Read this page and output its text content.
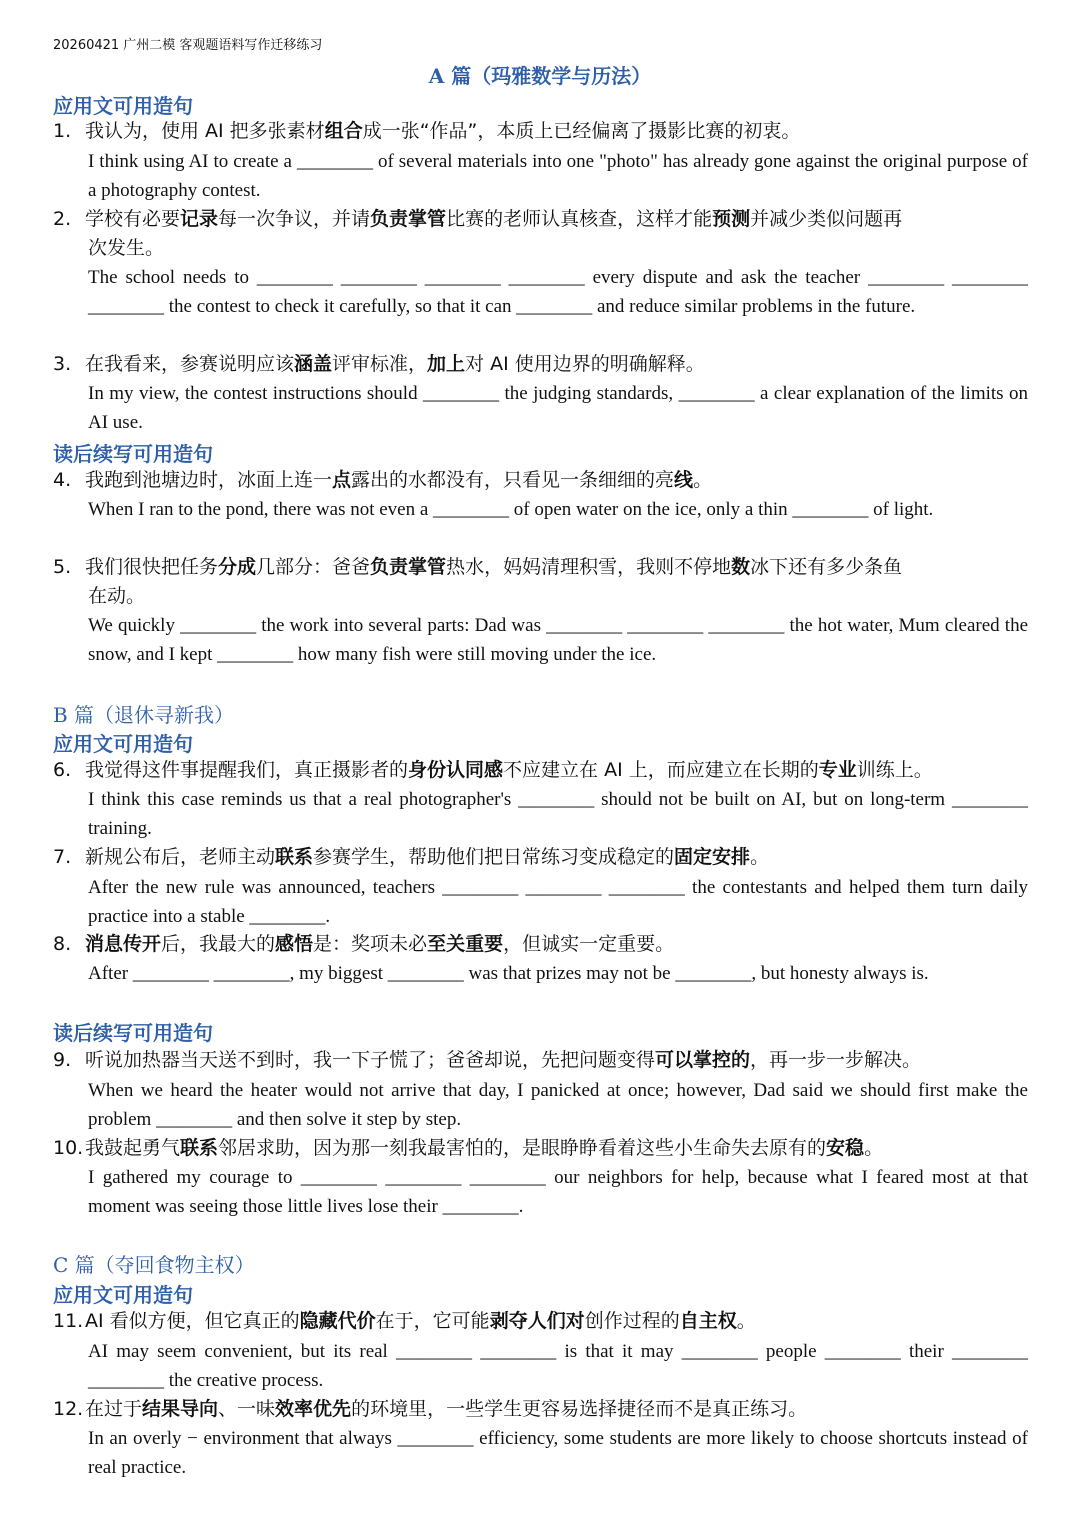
20260421 广州二模 客观题语料写作迁移练习
A 篇（玛雅数学与历法）
应用文可用造句
1. 我认为，使用 AI 把多张素材组合成一张“作品”，本质上已经偏离了摄影比赛的初衷。
I think using AI to create a ________ of several materials into one "photo" has already gone against the original purpose of a photography contest.
2. 学校有必要记录每一次争议，并请负责掌管比赛的老师认真核查，这样才能预测并减少类似问题再
次发生。
The school needs to ________ ________ ________ ________ every dispute and ask the teacher ________ ________ ________ the contest to check it carefully, so that it can ________ and reduce similar problems in the future.
3. 在我看来，参赛说明应该涵盖评审标准，加上对 AI 使用边界的明确解释。
In my view, the contest instructions should ________ the judging standards, ________ a clear explanation of the limits on AI use.
读后续写可用造句
4. 我跑到池塘边时，冰面上连一点露出的水都没有，只看见一条细细的亮线。
When I ran to the pond, there was not even a ________ of open water on the ice, only a thin ________ of light.
5. 我们很快把任务分成几部分：爸爸负责掌管热水，妈妈清理积雪，我则不停地数冰下还有多少条鱼
在动。
We quickly ________ the work into several parts: Dad was ________ ________ ________ the hot water, Mum cleared the snow, and I kept ________ how many fish were still moving under the ice.
B 篇（退休寻新我）
应用文可用造句
6. 我觉得这件事提醒我们，真正摄影者的身份认同感不应建立在 AI 上，而应建立在长期的专业训练上。
I think this case reminds us that a real photographer's ________ should not be built on AI, but on long-term ________ training.
7. 新规公布后，老师主动联系参赛学生，帮助他们把日常练习变成稳定的固定安排。
After the new rule was announced, teachers ________ ________ ________ the contestants and helped them turn daily practice into a stable ________.
8. 消息传开后，我最大的感悟是：奖项未必至关重要，但诚实一定重要。
After ________ ________, my biggest ________ was that prizes may not be ________, but honesty always is.
读后续写可用造句
9. 听说加热器当天送不到时，我一下子慌了；爸爸却说，先把问题变得可以掌控的，再一步一步解决。
When we heard the heater would not arrive that day, I panicked at once; however, Dad said we should first make the problem ________ and then solve it step by step.
10.我鼓起勇气联系邻居求助，因为那一刻我最害怕的，是眼睁睁看着这些小生命失去原有的安稳。
I gathered my courage to ________ ________ ________ our neighbors for help, because what I feared most at that moment was seeing those little lives lose their ________.
C 篇（夺回食物主权）
应用文可用造句
11.AI 看似方便，但它真正的隐藏代价在于，它可能剥夺人们对创作过程的自主权。
AI may seem convenient, but its real ________ ________ is that it may ________ people ________ their ________ ________ the creative process.
12.在过于结果导向、一味效率优先的环境里，一些学生更容易选择捷径而不是真正练习。
In an overly − environment that always ________ efficiency, some students are more likely to choose shortcuts instead of real practice.
